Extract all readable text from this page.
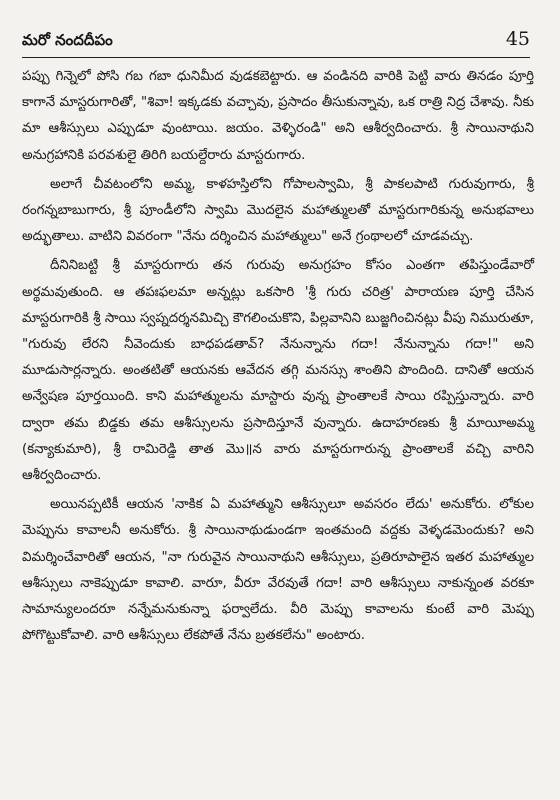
మరో నందదీపం	45

పప్పు గిన్నెలో పోసి గబ గబా ధునిమీద వుడకబెట్టారు. ఆ వండినది వారికి పెట్టి వారు తినడం పూర్తి కాగానే మాస్టరుగారితో, "శివా! ఇక్కడకు వచ్చావు, ప్రసాదం తీసుకున్నావు, ఒక రాత్రి నిద్ర చేశావు. నీకు మా ఆశీస్సులు ఎప్పుడూ వుంటాయి. జయం. వెళ్ళిరండి" అని ఆశీర్వదించారు. శ్రీ సాయినాథుని అనుగ్రహానికి పరవశులై తిరిగి బయల్దేరారు మాస్టరుగారు.

అలాగే చీవటంలోని అమ్మ, కాళహస్తిలోని గోపాలస్వామి, శ్రీ పాకలపాటి గురువుగారు, శ్రీ రంగన్నబాబుగారు, శ్రీ పూండీలోని స్వామి మొదలైన మహాత్ములతో మాస్టరుగారికున్న అనుభవాలు అద్భుతాలు. వాటిని వివరంగా "నేను దర్శించిన మహాత్ములు" అనే గ్రంథాలలో చూడవచ్చు.

దీనినిబట్టి శ్రీ మాస్టరుగారు తన గురువు అనుగ్రహం కోసం ఎంతగా తపిస్తుండేవారో అర్థమవుతుంది. ఆ తపఃఫలమా అన్నట్లు ఒకసారి 'శ్రీ గురు చరిత్ర' పారాయణ పూర్తి చేసిన మాస్టరుగారికి శ్రీ సాయి స్వప్నదర్శనమిచ్చి కౌగలించుకొని, పిల్లవానిని బుజ్జగించినట్లు వీపు నిమురుతూ, "గురువు లేరని నీవెందుకు బాధపడతావ్? నేనున్నాను గదా! నేనున్నాను గదా!" అని మూడుసార్లన్నారు. అంతటితో ఆయనకు ఆవేదన తగ్గి మనస్సు శాంతిని పొందింది. దానితో ఆయన అన్వేషణ పూర్తయింది. కాని మహాత్ములను మాస్టారు వున్న ప్రాంతాలకే సాయి రప్పిస్తున్నారు. వారి ద్వారా తమ బిడ్డకు తమ ఆశీస్సులను ప్రసాదిస్తూనే వున్నారు. ఉదాహరణకు శ్రీ మాయీఅమ్మ (కన్యాకుమారి), శ్రీ రామిరెడ్డి తాత మొ॥న వారు మాస్టరుగారున్న ప్రాంతాలకే వచ్చి వారిని ఆశీర్వదించారు.

అయినప్పటికీ ఆయన 'నాకిక ఏ మహాత్ముని ఆశీస్సులూ అవసరం లేదు' అనుకోరు. లోకుల మెప్పును కావాలనీ అనుకోరు. శ్రీ సాయినాథుడుండగా ఇంతమంది వద్దకు వెళ్ళడమెందుకు? అని విమర్శించేవారితో ఆయన, "నా గురువైన సాయినాథుని ఆశీస్సులు, ప్రతిరూపాలైన ఇతర మహాత్ముల ఆశీస్సులు నాకెప్పుడూ కావాలి. వారూ, వీరూ వేరవుతే గదా! వారి ఆశీస్సులు నాకున్నంత వరకూ సామాన్యులందరూ నన్నేమనుకున్నా ఫర్వాలేదు. వీరి మెప్పు కావాలను కుంటే వారి మెప్పు పోగొట్టుకోవాలి. వారి ఆశీస్సులు లేకపోతే నేను బ్రతకలేను" అంటారు.
